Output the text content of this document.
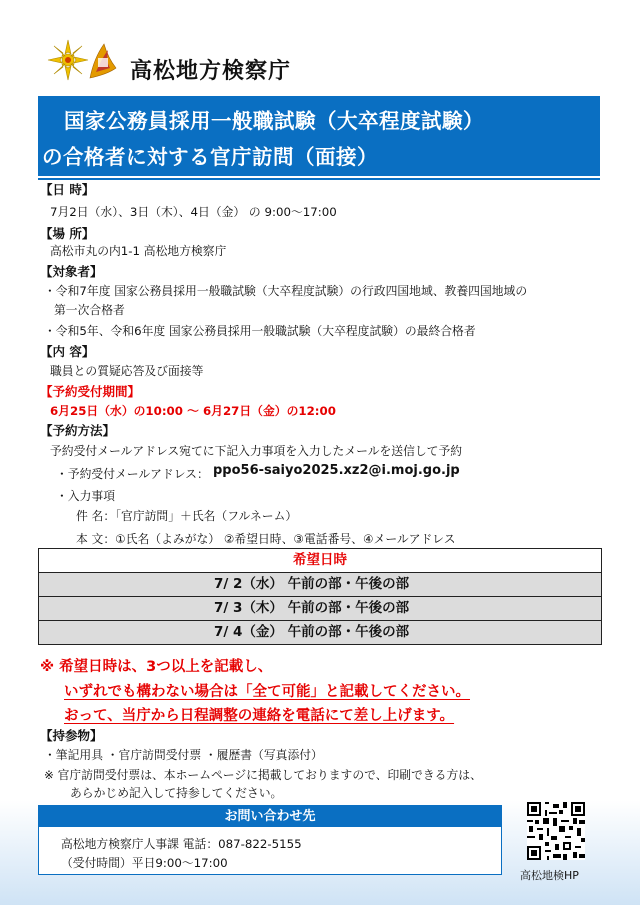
高松地方検察庁
国家公務員採用一般職試験（大卒程度試験）
の合格者に対する官庁訪問（面接）
【日 時】
7月2日（水）、3日（木）、4日（金） の 9:00～17:00
【場 所】
高松市丸の内1-1 高松地方検察庁
【対象者】
・令和7年度 国家公務員採用一般職試験（大卒程度試験）の行政四国地域、教養四国地域の
第一次合格者
・令和5年、令和6年度 国家公務員採用一般職試験（大卒程度試験）の最終合格者
【内 容】
職員との質疑応答及び面接等
【予約受付期間】
6月25日（水）の10:00 ～ 6月27日（金）の12:00
【予約方法】
予約受付メールアドレス宛てに下記入力事項を入力したメールを送信して予約
・予約受付メールアドレス： ppo56-saiyo2025.xz2@i.moj.go.jp
・入力事項
件 名：「官庁訪問」＋氏名（フルネーム）
本 文：①氏名（よみがな） ②希望日時、③電話番号、④メールアドレス
希望日時
7/ 2（水） 午前の部・午後の部
7/ 3（木） 午前の部・午後の部
7/ 4（金） 午前の部・午後の部
※ 希望日時は、3つ以上を記載し、
いずれでも構わない場合は「全て可能」と記載してください。
おって、当庁から日程調整の連絡を電話にて差し上げます。
【持参物】
・筆記用具 ・官庁訪問受付票 ・履歴書（写真添付）
※ 官庁訪問受付票は、本ホームページに掲載しておりますので、印刷できる方は、
あらかじめ記入して持参してください。
お問い合わせ先
高松地方検察庁人事課 電話：087-822-5155
（受付時間）平日9:00～17:00
高松地検HP
